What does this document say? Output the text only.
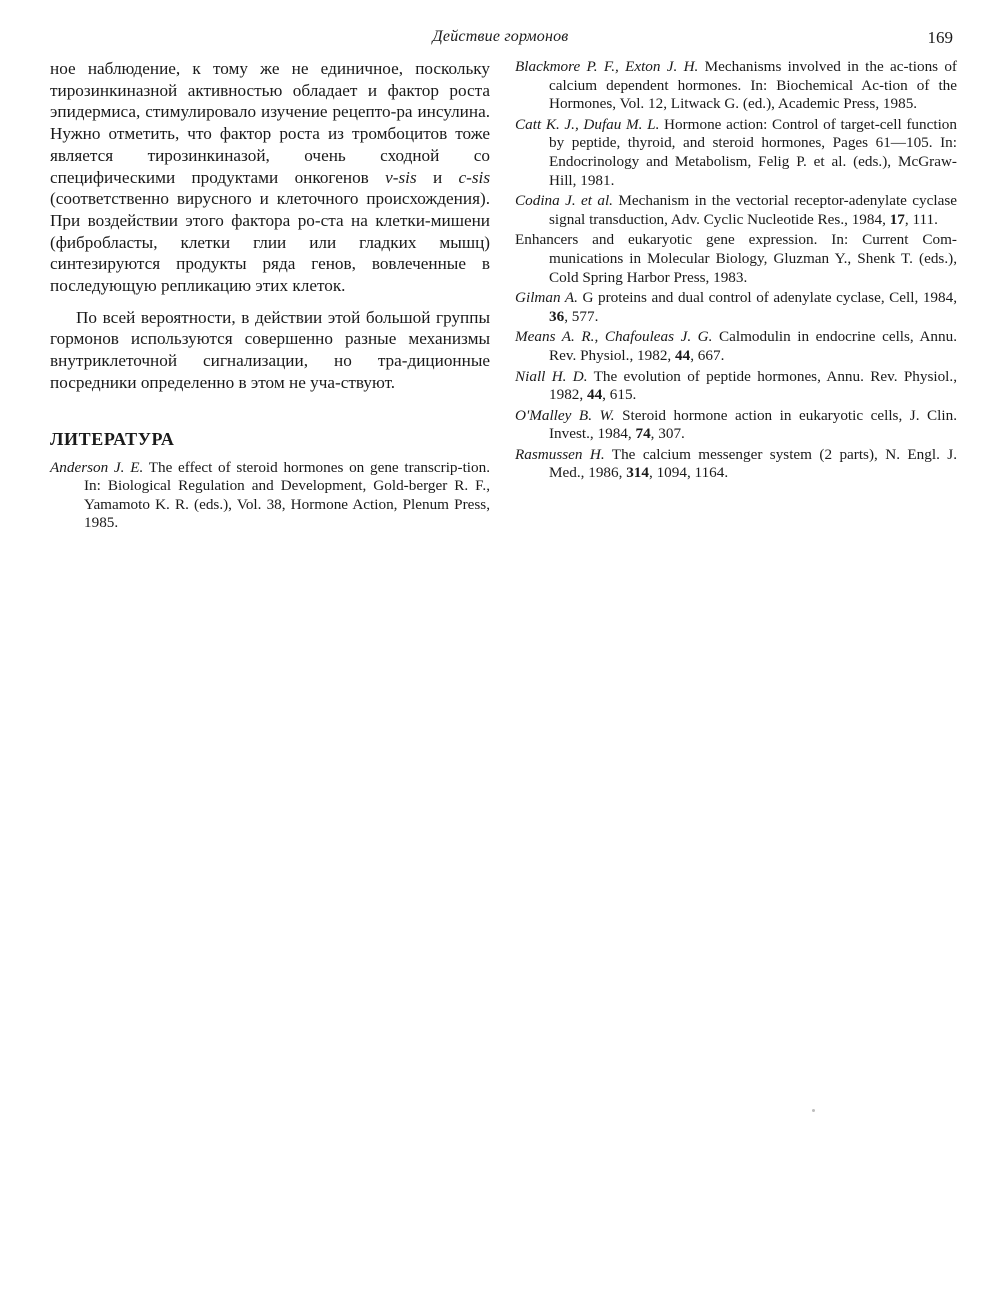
Действие гормонов	169

ное наблюдение, к тому же не единичное, поскольку тирозинкиназной активностью обладает и фактор роста эпидермиса, стимулировало изучение рецепто-ра инсулина. Нужно отметить, что фактор роста из тромбоцитов тоже является тирозинкиназой, очень сходной со специфическими продуктами онкогенов v-sis и c-sis (соответственно вирусного и клеточного происхождения). При воздействии этого фактора ро-ста на клетки-мишени (фибробласты, клетки глии или гладких мышц) синтезируются продукты ряда генов, вовлеченные в последующую репликацию этих клеток.

По всей вероятности, в действии этой большой группы гормонов используются совершенно разные механизмы внутриклеточной сигнализации, но тра-диционные посредники определенно в этом не уча-ствуют.

ЛИТЕРАТУРА

Anderson J. E. The effect of steroid hormones on gene transcrip-tion. In: Biological Regulation and Development, Gold-berger R. F., Yamamoto K. R. (eds.), Vol. 38, Hormone Action, Plenum Press, 1985.

Blackmore P. F., Exton J. H. Mechanisms involved in the ac-tions of calcium dependent hormones. In: Biochemical Ac-tion of the Hormones, Vol. 12, Litwack G. (ed.), Academic Press, 1985.

Catt K. J., Dufau M. L. Hormone action: Control of target-cell function by peptide, thyroid, and steroid hormones, Pages 61—105. In: Endocrinology and Metabolism, Felig P. et al. (eds.), McGraw-Hill, 1981.

Codina J. et al. Mechanism in the vectorial receptor-adenylate cyclase signal transduction, Adv. Cyclic Nucleotide Res., 1984, 17, 111.

Enhancers and eukaryotic gene expression. In: Current Com-munications in Molecular Biology, Gluzman Y., Shenk T. (eds.), Cold Spring Harbor Press, 1983.

Gilman A. G proteins and dual control of adenylate cyclase, Cell, 1984, 36, 577.

Means A. R., Chafouleas J. G. Calmodulin in endocrine cells, Annu. Rev. Physiol., 1982, 44, 667.

Niall H. D. The evolution of peptide hormones, Annu. Rev. Physiol., 1982, 44, 615.

O'Malley B. W. Steroid hormone action in eukaryotic cells, J. Clin. Invest., 1984, 74, 307.

Rasmussen H. The calcium messenger system (2 parts), N. Engl. J. Med., 1986, 314, 1094, 1164.
